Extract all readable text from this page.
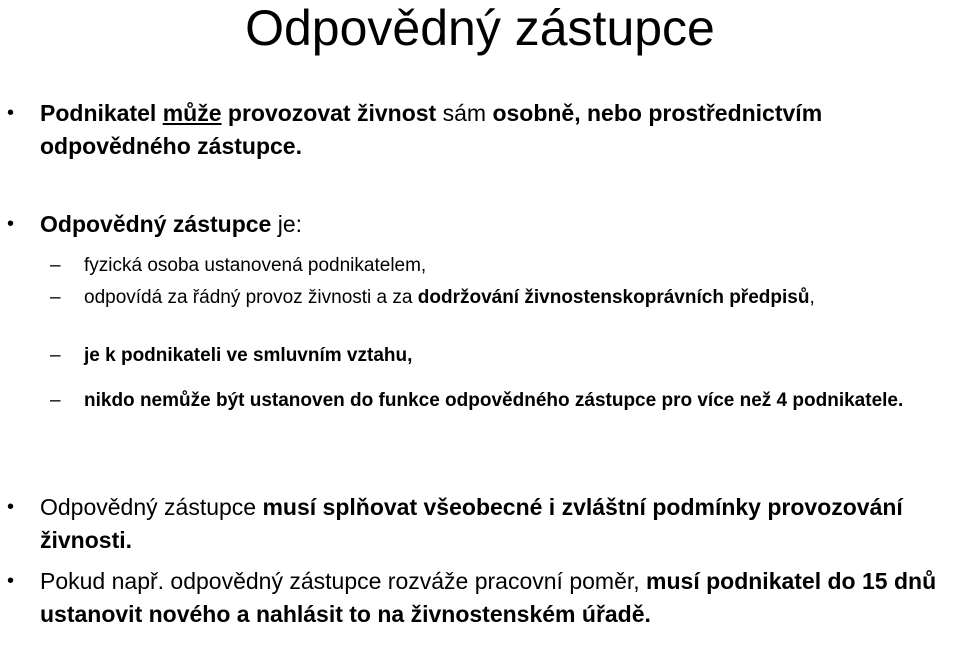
Odpovědný zástupce
• Podnikatel může provozovat živnost sám osobně, nebo prostřednictvím odpovědného zástupce.
• Odpovědný zástupce je:
– fyzická osoba ustanovená podnikatelem,
– odpovídá za řádný provoz živnosti a za dodržování živnostenskoprávních předpisů,
– je k podnikateli ve smluvním vztahu,
– nikdo nemůže být ustanoven do funkce odpovědného zástupce pro více než 4 podnikatele.
• Odpovědný zástupce musí splňovat všeobecné i zvláštní podmínky provozování živnosti.
• Pokud např. odpovědný zástupce rozváže pracovní poměr, musí podnikatel do 15 dnů ustanovit nového a nahlásit to na živnostenském úřadě.
